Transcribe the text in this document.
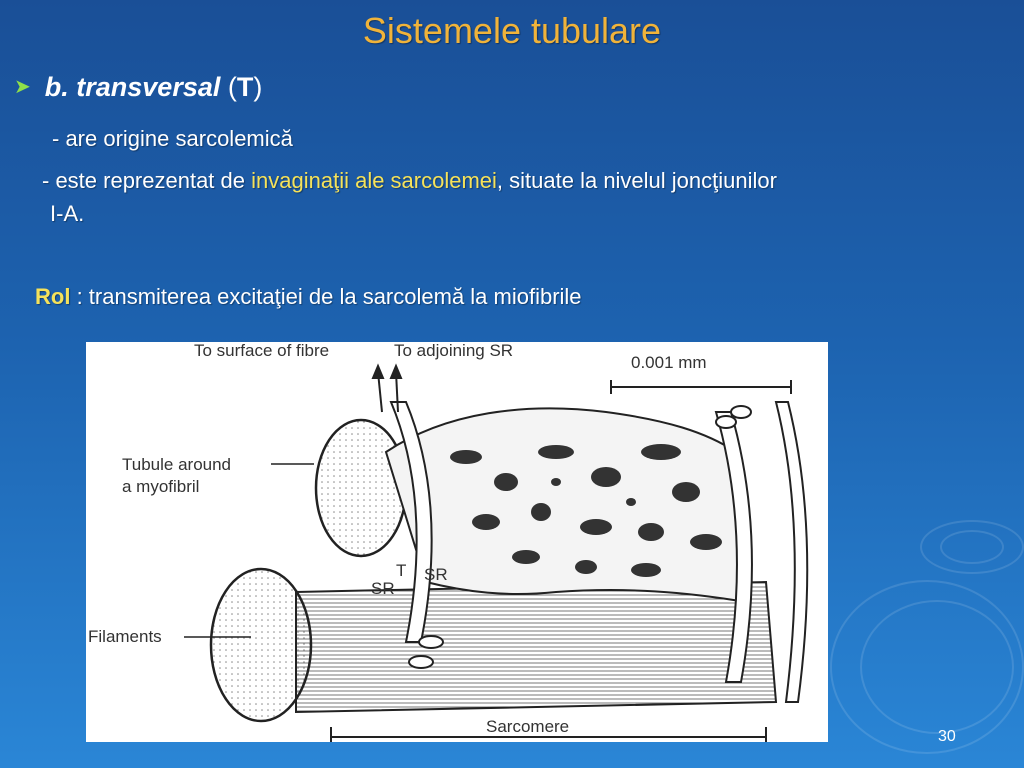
Sistemele tubulare
➤ b. transversal (T)
- are origine sarcolemică
- este reprezentat de invaginaţii ale sarcolemei, situate la nivelul joncţiunilor
I-A.
Rol : transmiterea excitaţiei de la sarcolemă la miofibrile
To surface of fibre	To adjoining SR
0.001 mm
Tubule around
a myofibril
T SR
SR
Filaments
Sarcomere
30
